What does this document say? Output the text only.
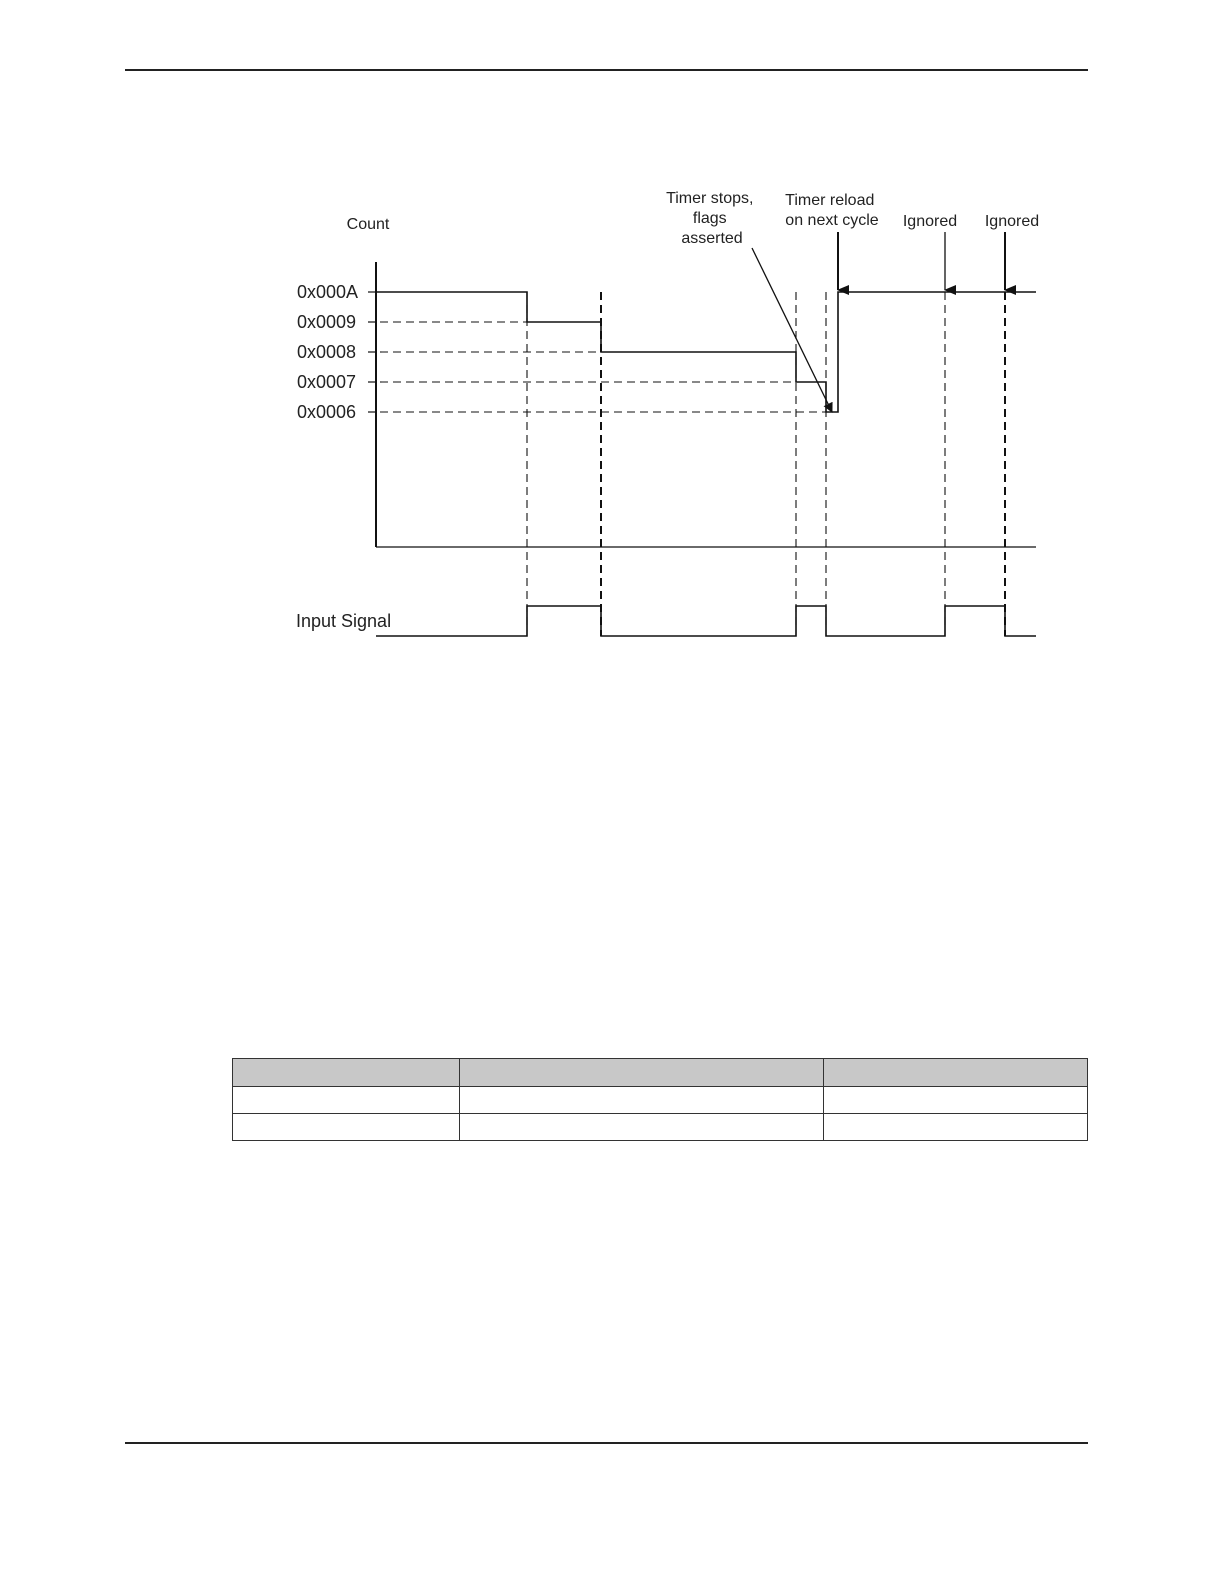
Count
Input Signal
0x000A
0x0009
0x0008
0x0007
0x0006
Timer stops, flags asserted
Timer reload on next cycle Ignored Ignored
